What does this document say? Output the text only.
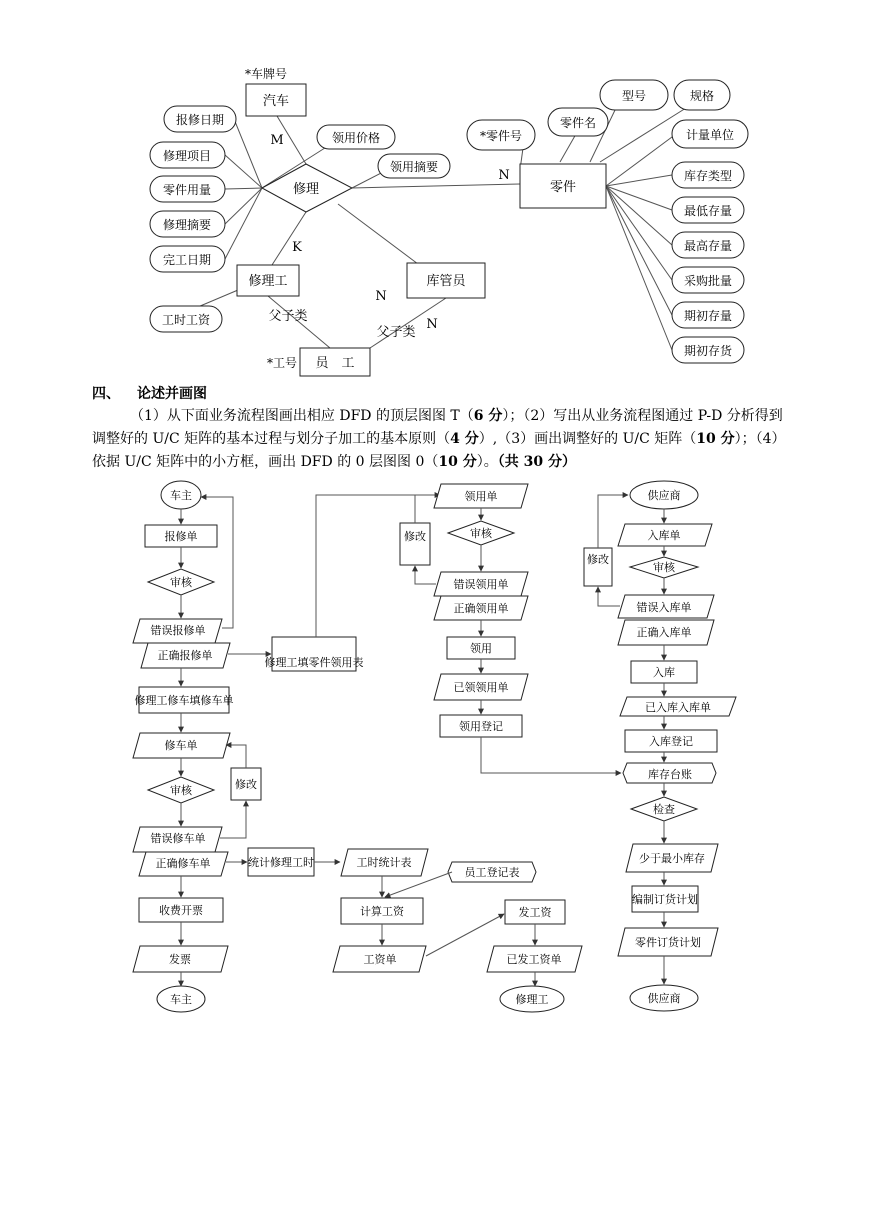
汽车
*车牌号
修理	零件
修理工	库管员
员　工
*工号
报修日期
修理项目
零件用量
修理摘要
完工日期
领用价格
领用摘要
*零件号
零件名
型号	规格
计量单位
库存类型
最低存量
最高存量
采购批量
期初存量
期初存货
工时工资
M
N
K
N
N
父子类
父子类
车主
报修单
审核
错误报修单
正确报修单
修理工修车填修车单
修车单
审核	修改
错误修车单
正确修车单
收费开票
发票
车主
修理工填零件领用表
统计修理工时	工时统计表
员工登记表
计算工资
工资单
发工资
已发工资单
修理工
领用单
审核
修改
错误领用单
正确领用单
领用
已领领用单
领用登记
供应商
入库单
审核
修改
错误入库单
正确入库单
入库
已入库入库单
入库登记
库存台账
检查
少于最小库存
编制订货计划
零件订货计划
供应商
四、 论述并画图
（1）从下面业务流程图画出相应 DFD 的顶层图图 T（6 分）；（2）写出从业务流程图通过 P-D 分析得到调整好的 U/C 矩阵的基本过程与划分子加工的基本原则（4 分）,（3）画出调整好的 U/C 矩阵（10 分）；（4）依据 U/C 矩阵中的小方框，画出 DFD 的 0 层图图 0（10 分）。（共 30 分）
